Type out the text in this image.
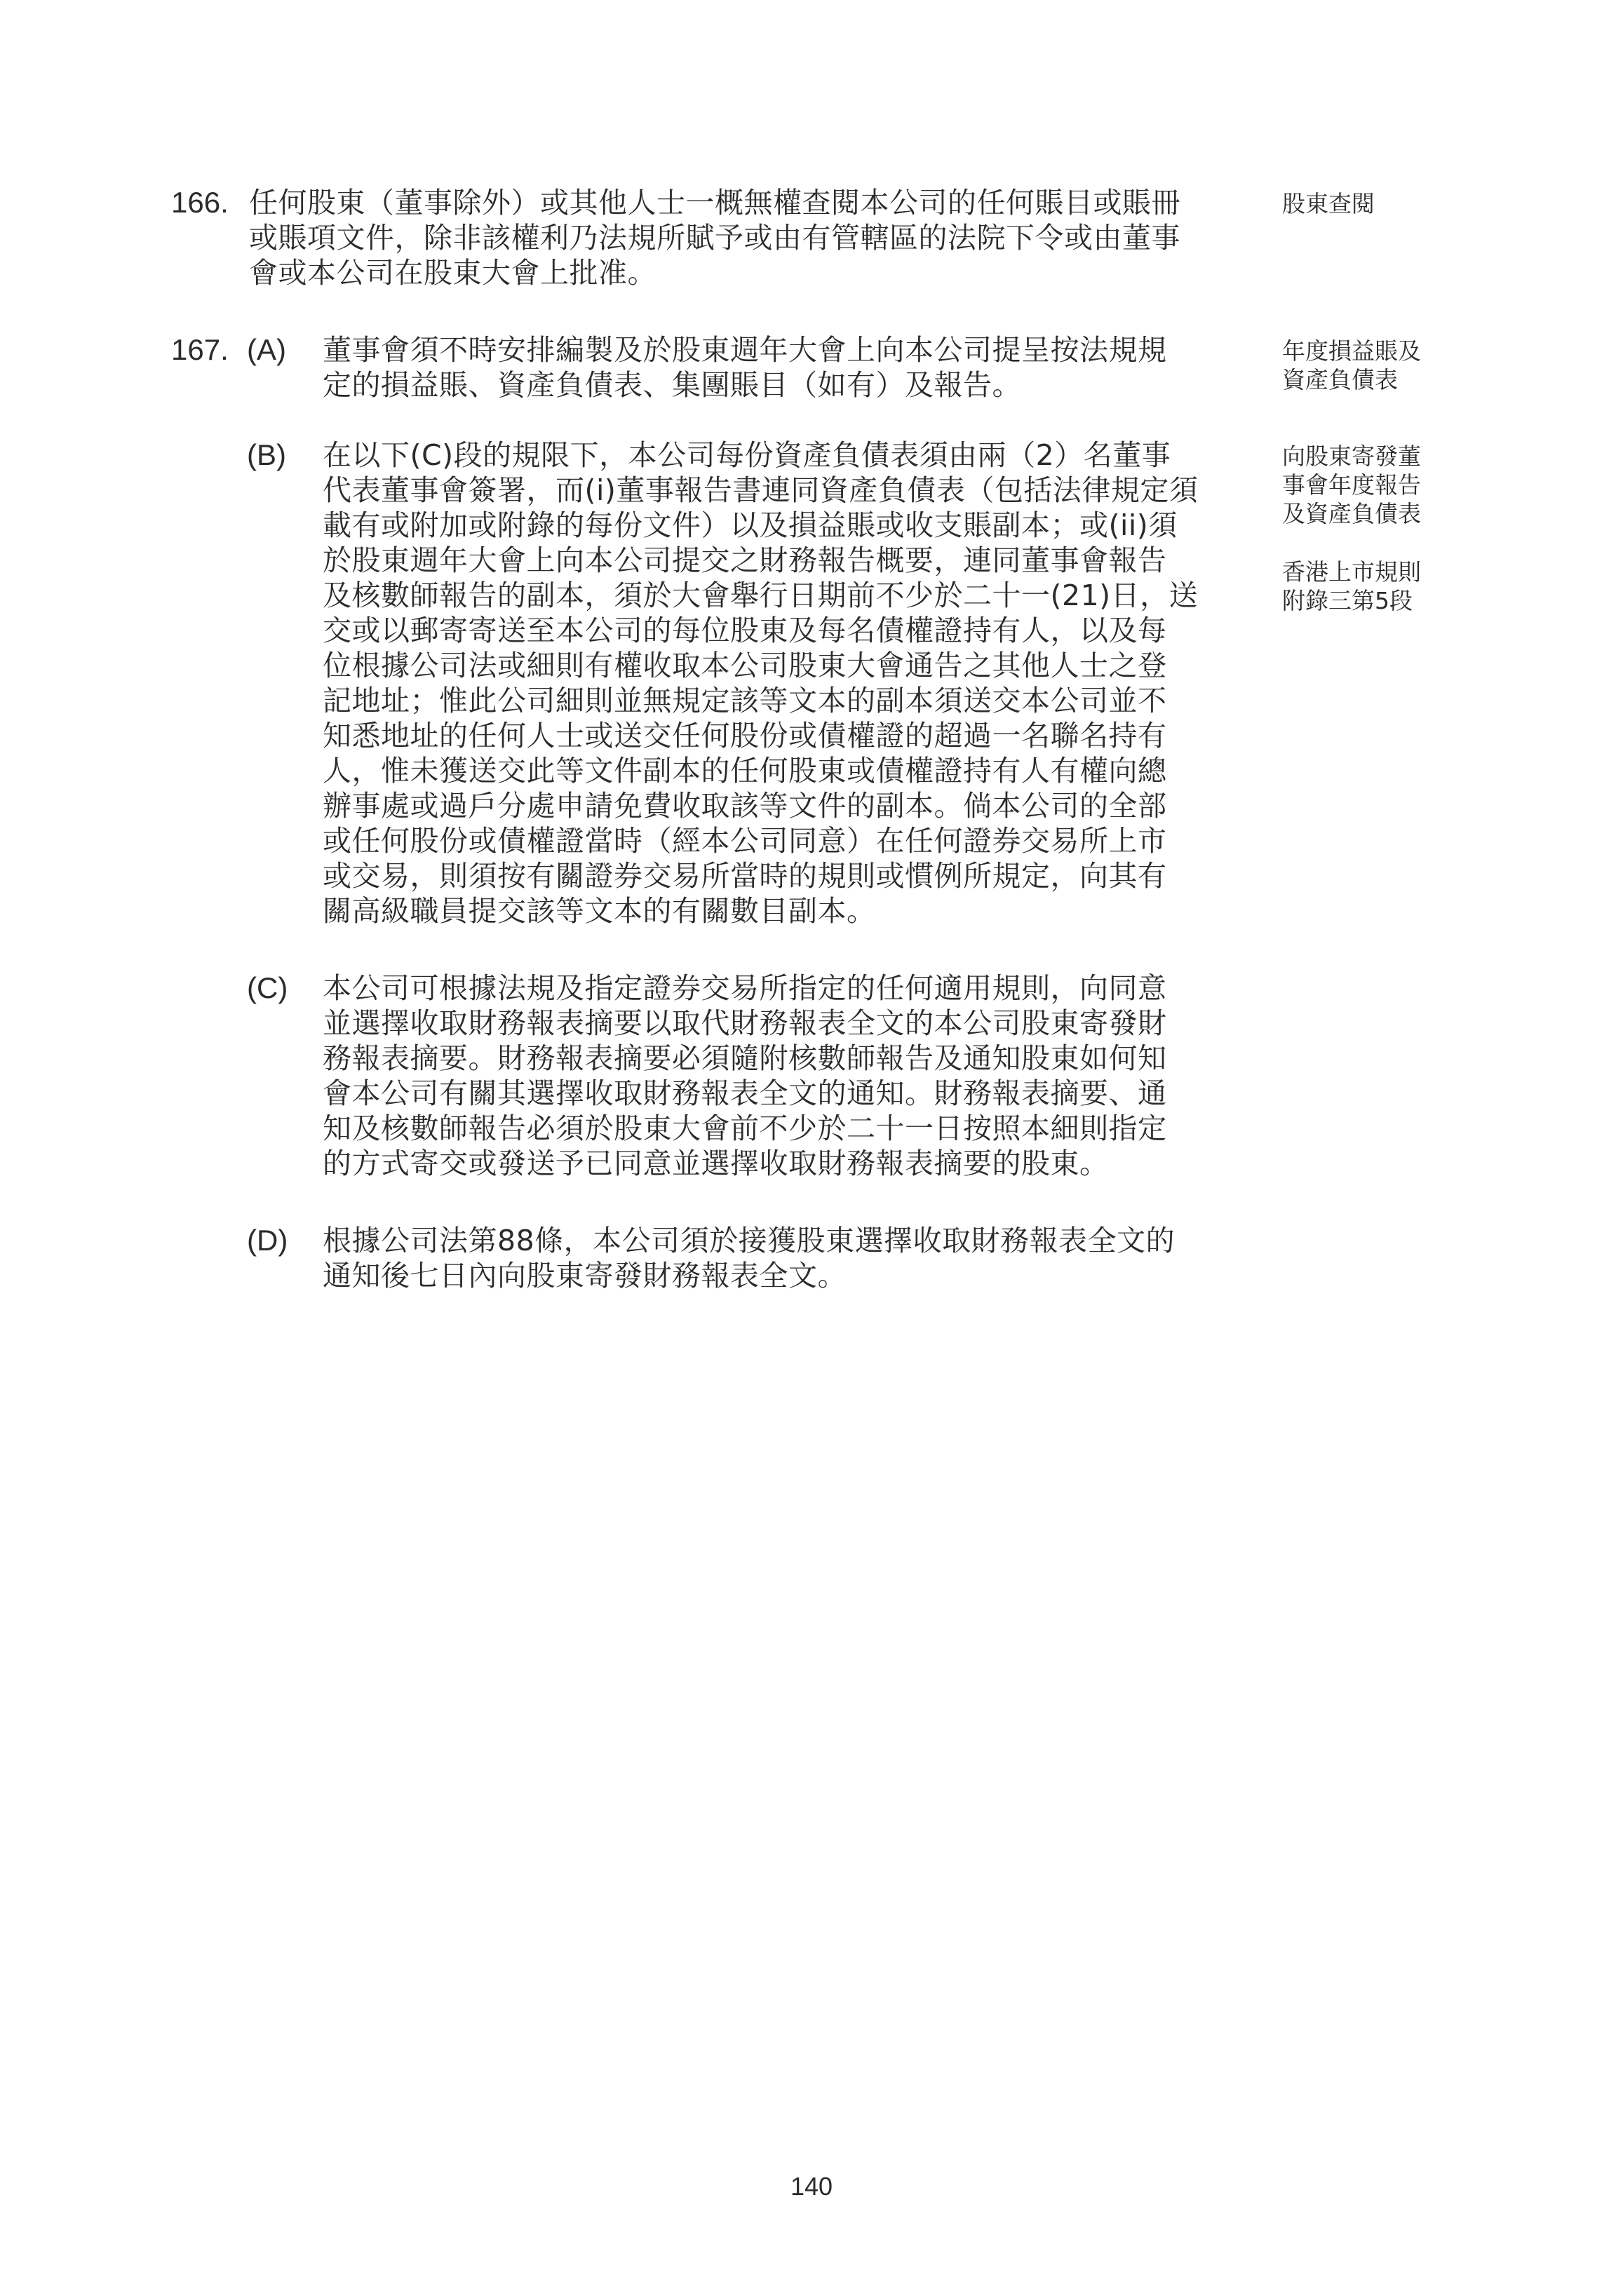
166. 任何股東（董事除外）或其他人士一概無權查閱本公司的任何賬目或賬冊
或賬項文件，除非該權利乃法規所賦予或由有管轄區的法院下令或由董事
會或本公司在股東大會上批准。
股東查閱
167. (A) 董事會須不時安排編製及於股東週年大會上向本公司提呈按法規規
定的損益賬、資產負債表、集團賬目（如有）及報告。
年度損益賬及
資產負債表
(B) 在以下(C)段的規限下，本公司每份資產負債表須由兩（2）名董事
代表董事會簽署，而(i)董事報告書連同資產負債表（包括法律規定須
載有或附加或附錄的每份文件）以及損益賬或收支賬副本；或(ii)須
於股東週年大會上向本公司提交之財務報告概要，連同董事會報告
及核數師報告的副本，須於大會舉行日期前不少於二十一(21)日，送
交或以郵寄寄送至本公司的每位股東及每名債權證持有人，以及每
位根據公司法或細則有權收取本公司股東大會通告之其他人士之登
記地址；惟此公司細則並無規定該等文本的副本須送交本公司並不
知悉地址的任何人士或送交任何股份或債權證的超過一名聯名持有
人，惟未獲送交此等文件副本的任何股東或債權證持有人有權向總
辦事處或過戶分處申請免費收取該等文件的副本。倘本公司的全部
或任何股份或債權證當時（經本公司同意）在任何證券交易所上市
或交易，則須按有關證券交易所當時的規則或慣例所規定，向其有
關高級職員提交該等文本的有關數目副本。
向股東寄發董
事會年度報告
及資產負債表
香港上市規則
附錄三第5段
(C) 本公司可根據法規及指定證券交易所指定的任何適用規則，向同意
並選擇收取財務報表摘要以取代財務報表全文的本公司股東寄發財
務報表摘要。財務報表摘要必須隨附核數師報告及通知股東如何知
會本公司有關其選擇收取財務報表全文的通知。財務報表摘要、通
知及核數師報告必須於股東大會前不少於二十一日按照本細則指定
的方式寄交或發送予已同意並選擇收取財務報表摘要的股東。
(D) 根據公司法第88條，本公司須於接獲股東選擇收取財務報表全文的
通知後七日內向股東寄發財務報表全文。
140
